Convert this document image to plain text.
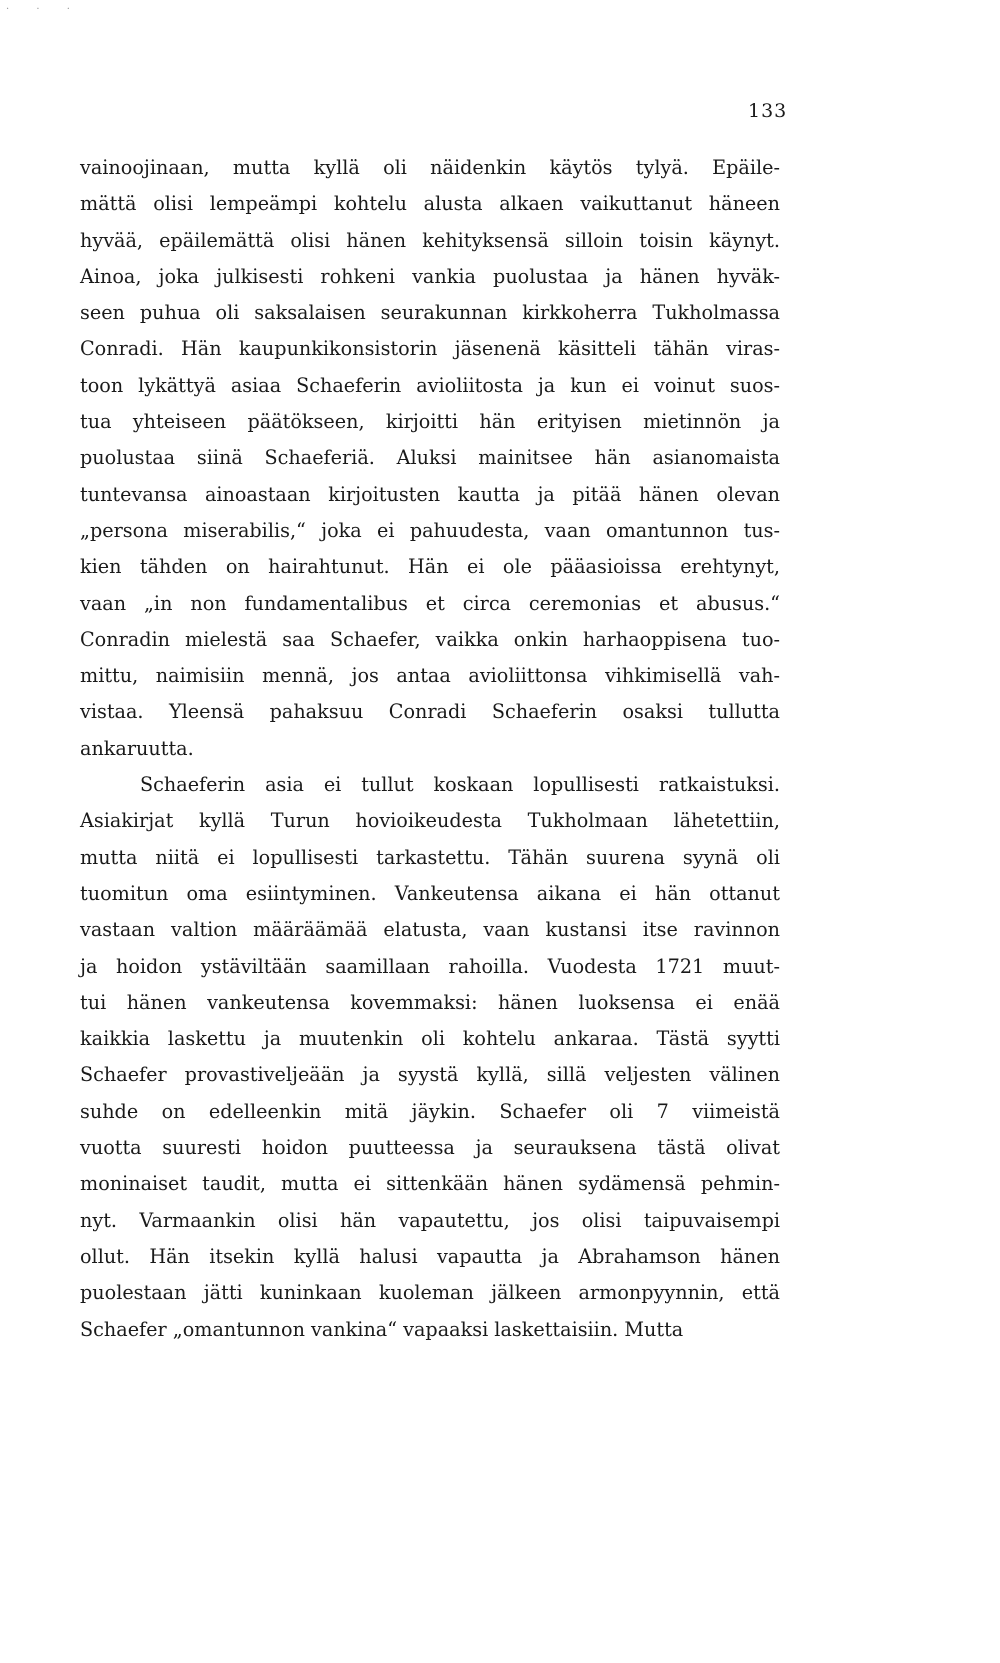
· · ·
133
vainoojinaan, mutta kyllä oli näidenkin käytös tylyä. Epäile-
mättä olisi lempeämpi kohtelu alusta alkaen vaikuttanut häneen
hyvää, epäilemättä olisi hänen kehityksensä silloin toisin käynyt.
Ainoa, joka julkisesti rohkeni vankia puolustaa ja hänen hyväk-
seen puhua oli saksalaisen seurakunnan kirkkoherra Tukholmassa
Conradi. Hän kaupunkikonsistorin jäsenenä käsitteli tähän viras-
toon lykättyä asiaa Schaeferin avioliitosta ja kun ei voinut suos-
tua yhteiseen päätökseen, kirjoitti hän erityisen mietinnön ja
puolustaa siinä Schaeferiä. Aluksi mainitsee hän asianomaista
tuntevansa ainoastaan kirjoitusten kautta ja pitää hänen olevan
„persona miserabilis,“ joka ei pahuudesta, vaan omantunnon tus-
kien tähden on hairahtunut. Hän ei ole pääasioissa erehtynyt,
vaan „in non fundamentalibus et circa ceremonias et abusus.“
Conradin mielestä saa Schaefer, vaikka onkin harhaoppisena tuo-
mittu, naimisiin mennä, jos antaa avioliittonsa vihkimisellä vah-
vistaa. Yleensä pahaksuu Conradi Schaeferin osaksi tullutta
ankaruutta.
Schaeferin asia ei tullut koskaan lopullisesti ratkaistuksi.
Asiakirjat kyllä Turun hovioikeudesta Tukholmaan lähetettiin,
mutta niitä ei lopullisesti tarkastettu. Tähän suurena syynä oli
tuomitun oma esiintyminen. Vankeutensa aikana ei hän ottanut
vastaan valtion määräämää elatusta, vaan kustansi itse ravinnon
ja hoidon ystäviltään saamillaan rahoilla. Vuodesta 1721 muut-
tui hänen vankeutensa kovemmaksi: hänen luoksensa ei enää
kaikkia laskettu ja muutenkin oli kohtelu ankaraa. Tästä syytti
Schaefer provastiveljeään ja syystä kyllä, sillä veljesten välinen
suhde on edelleenkin mitä jäykin. Schaefer oli 7 viimeistä
vuotta suuresti hoidon puutteessa ja seurauksena tästä olivat
moninaiset taudit, mutta ei sittenkään hänen sydämensä pehmin-
nyt. Varmaankin olisi hän vapautettu, jos olisi taipuvaisempi
ollut. Hän itsekin kyllä halusi vapautta ja Abrahamson hänen
puolestaan jätti kuninkaan kuoleman jälkeen armonpyynnin, että
Schaefer „omantunnon vankina“ vapaaksi laskettaisiin. Mutta
